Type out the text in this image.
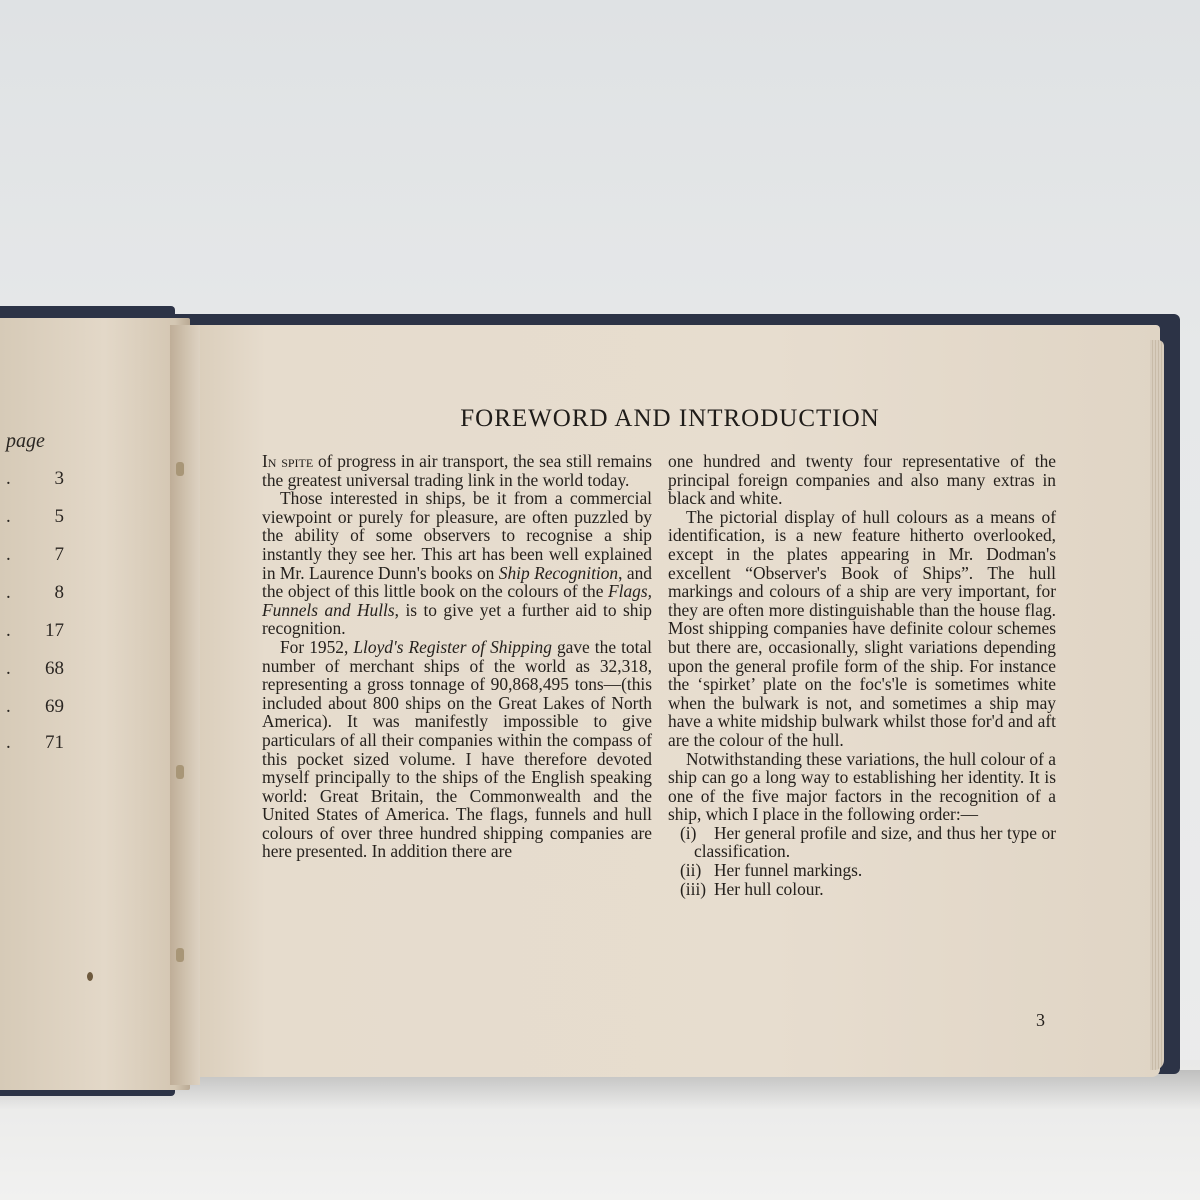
page
. 3
. 5
. 7
. 8
. 17
. 68
. 69
. 71
FOREWORD AND INTRODUCTION

In spite of progress in air transport, the sea still remains the greatest universal trading link in the world today.

Those interested in ships, be it from a commercial viewpoint or purely for pleasure, are often puzzled by the ability of some observers to recognise a ship instantly they see her. This art has been well explained in Mr. Laurence Dunn's books on Ship Recognition, and the object of this little book on the colours of the Flags, Funnels and Hulls, is to give yet a further aid to ship recognition.

For 1952, Lloyd's Register of Shipping gave the total number of merchant ships of the world as 32,318, representing a gross tonnage of 90,868,495 tons—(this included about 800 ships on the Great Lakes of North America). It was manifestly impossible to give particulars of all their companies within the compass of this pocket sized volume. I have therefore devoted myself principally to the ships of the English speaking world: Great Britain, the Commonwealth and the United States of America. The flags, funnels and hull colours of over three hundred shipping companies are here presented. In addition there are

one hundred and twenty four representative of the principal foreign companies and also many extras in black and white.

The pictorial display of hull colours as a means of identification, is a new feature hitherto overlooked, except in the plates appearing in Mr. Dodman's excellent “Observer's Book of Ships”. The hull markings and colours of a ship are very important, for they are often more distinguishable than the house flag. Most shipping companies have definite colour schemes but there are, occasionally, slight variations depending upon the general profile form of the ship. For instance the ‘spirket’ plate on the foc's'le is sometimes white when the bulwark is not, and sometimes a ship may have a white midship bulwark whilst those for'd and aft are the colour of the hull.

Notwithstanding these variations, the hull colour of a ship can go a long way to establishing her identity. It is one of the five major factors in the recognition of a ship, which I place in the following order:—

(i) Her general profile and size, and thus her type or classification.

(ii) Her funnel markings.

(iii) Her hull colour.

3
